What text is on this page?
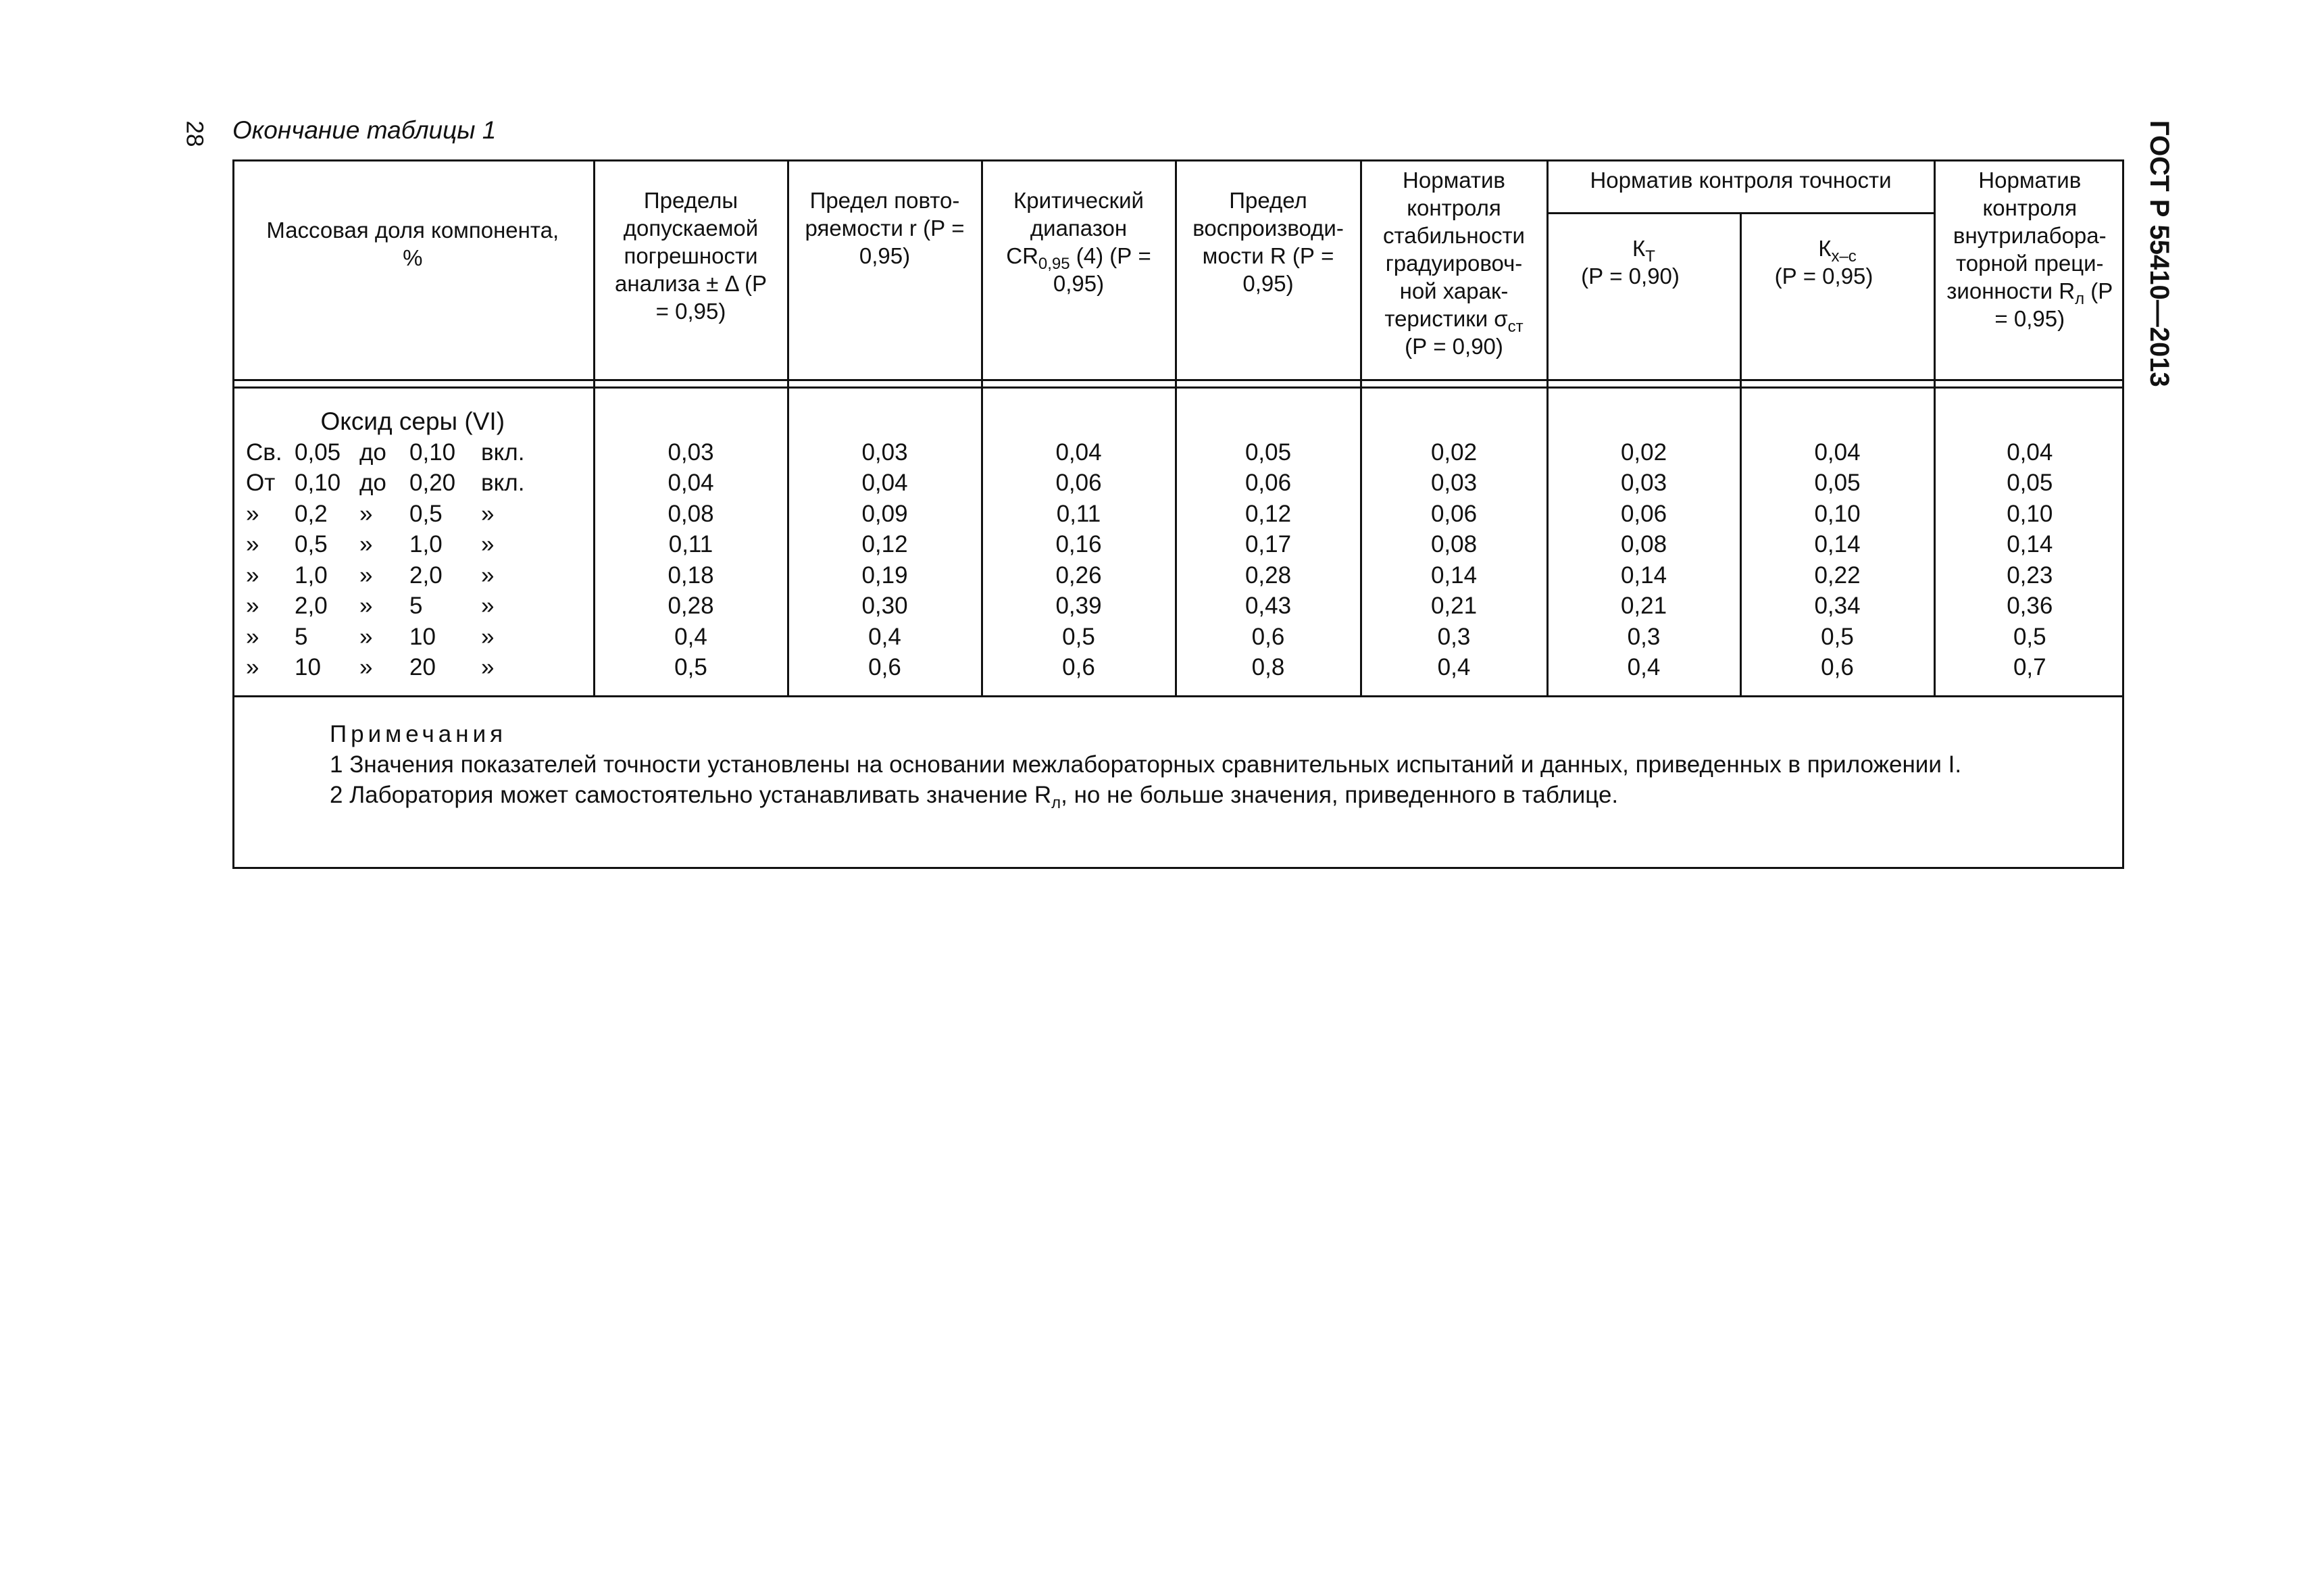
28 Окончание таблицы 1	ГОСТ Р 55410—2013
Массовая доля компонента, %	Пределы допускаемой погрешности анализа ± Δ (Р = 0,95)	Предел повто-ряемости r (Р = 0,95)	Критический диапазон $CR_{0,95}$ (4) (Р = 0,95)	Предел воспроизводи-мости R (Р = 0,95)	Норматив контроля стабильности градуировоч-ной харак-теристики $\sigma_{ст}$ (Р = 0,90)	Норматив контроля точности		Норматив контроля внутрилабора-торной преци-зионности $R_л$ (Р = 0,95)

						$К_Т$ (Р = 0,90)	$К_{х-с}$ (Р = 0,95)	

Оксид серы (VI)								

Св. 0,05 до 0,10 вкл.	0,03	0,03	0,04	0,05	0,02	0,02	0,04	0,04

От 0,10 до 0,20 вкл.	0,04	0,04	0,06	0,06	0,03	0,03	0,05	0,05

» 0,2 » 0,5 »	0,08	0,09	0,11	0,12	0,06	0,06	0,10	0,10

» 0,5 » 1,0 »	0,11	0,12	0,16	0,17	0,08	0,08	0,14	0,14

» 1,0 » 2,0 »	0,18	0,19	0,26	0,28	0,14	0,14	0,22	0,23

» 2,0 » 5 »	0,28	0,30	0,39	0,43	0,21	0,21	0,34	0,36

» 5 » 10 »	0,4	0,4	0,5	0,6	0,3	0,3	0,5	0,5

» 10 » 20 »	0,5	0,6	0,6	0,8	0,4	0,4	0,6	0,7
Примечания

1 Значения показателей точности установлены на основании межлабораторных сравнительных испытаний и данных, приведенных в приложении I.

2 Лаборатория может самостоятельно устанавливать значение $R_л$, но не больше значения, приведенного в таблице.
